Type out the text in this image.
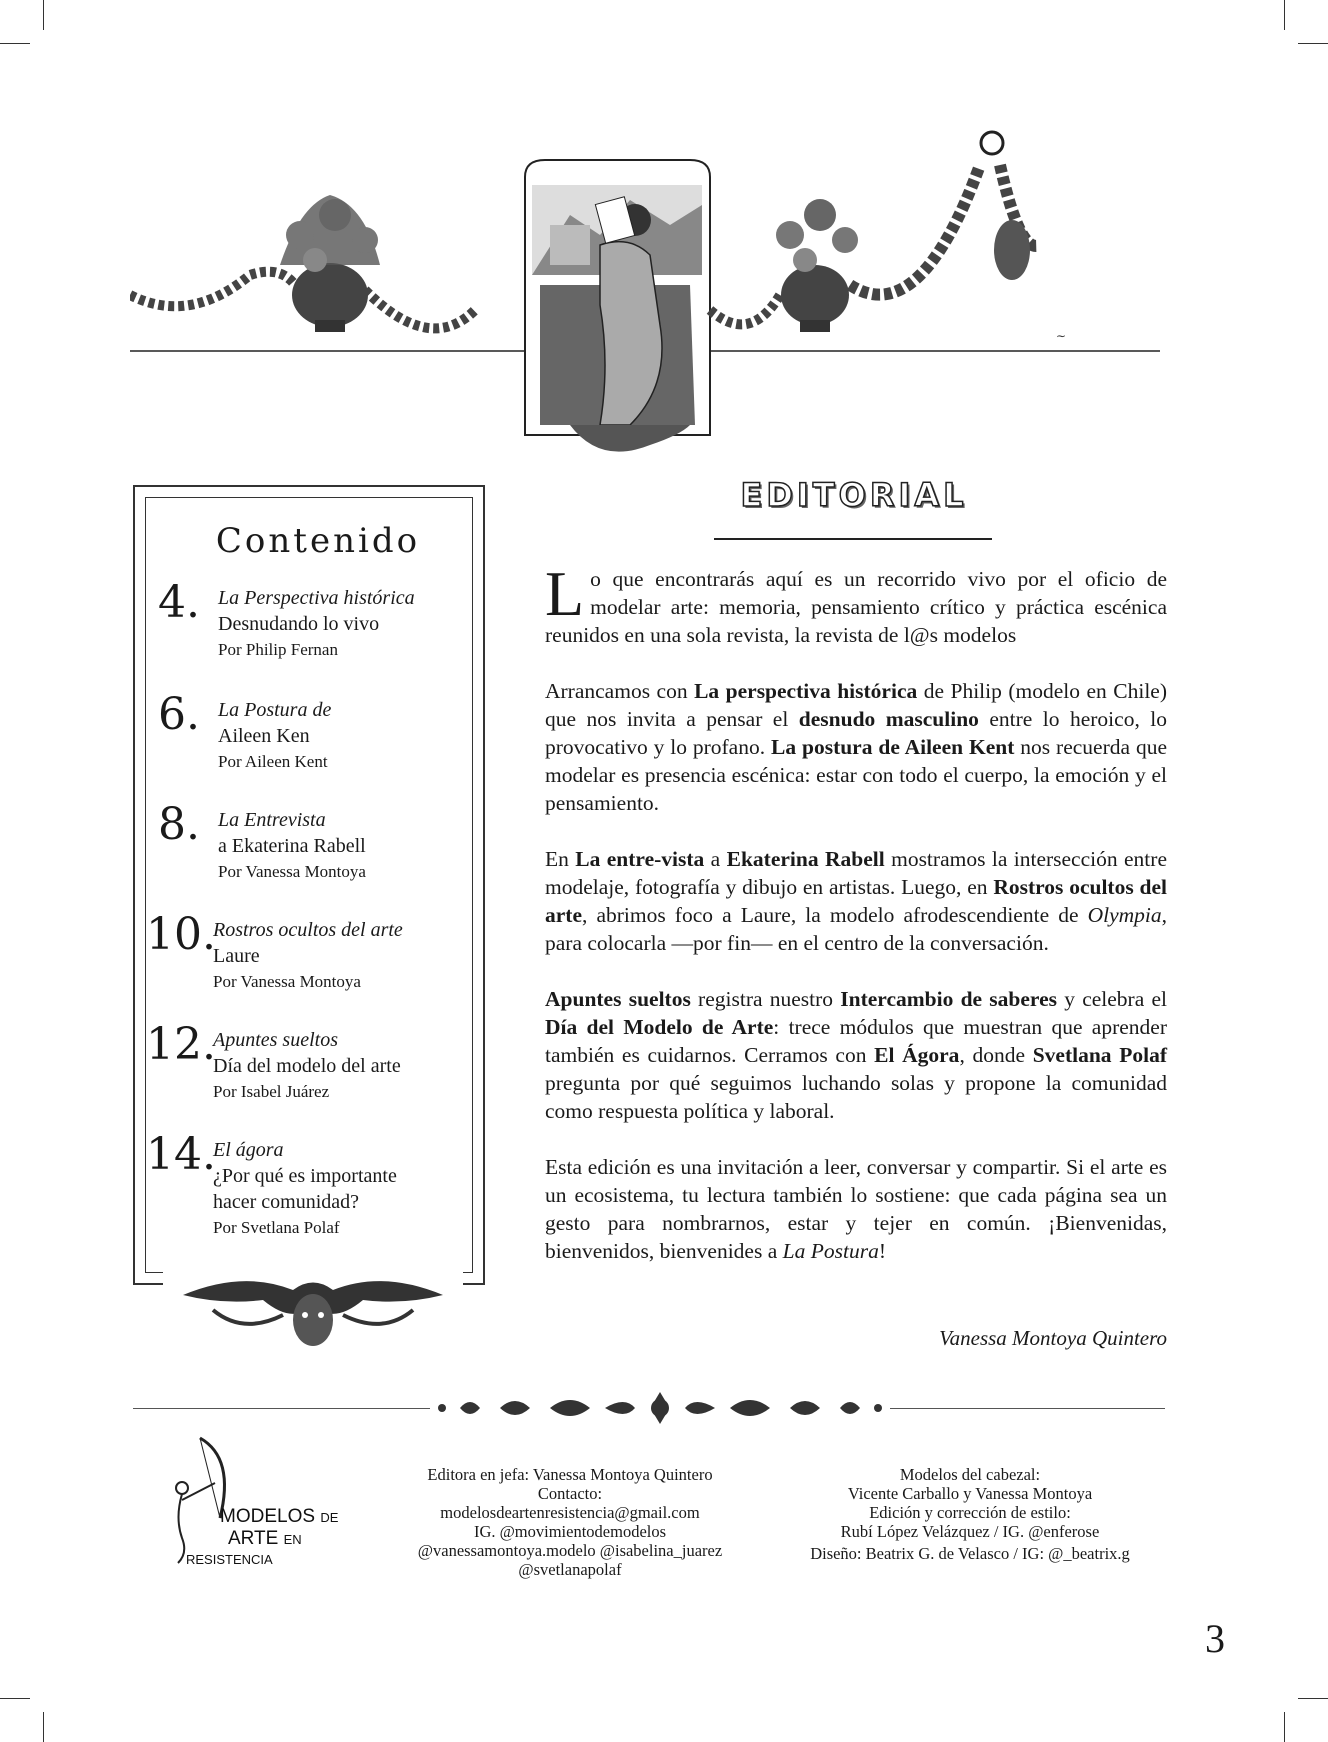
∼
Contenido
4. La Perspectiva histórica
Desnudando lo vivo
Por Philip Fernan
6. La Postura de
Aileen Ken
Por Aileen Kent
8. La Entrevista
a Ekaterina Rabell
Por Vanessa Montoya
10.
Rostros ocultos del arte
Laure
Por Vanessa Montoya
12.
Apuntes sueltos
Día del modelo del arte
Por Isabel Juárez
14.
El ágora
¿Por qué es importante
hacer comunidad?
Por Svetlana Polaf
EDITORIAL

Lo que encontrarás aquí es un recorrido vivo por el oficio de modelar arte: memoria, pensamiento crítico y práctica escénica reunidos en una sola revista, la revista de l@s modelos

Arrancamos con La perspectiva histórica de Philip (modelo en Chile) que nos invita a pensar el desnudo masculino entre lo heroico, lo provocativo y lo profano. La postura de Aileen Kent nos recuerda que modelar es presencia escénica: estar con todo el cuerpo, la emoción y el pensamiento.

En La entre-vista a Ekaterina Rabell mostramos la intersección entre modelaje, fotografía y dibujo en artistas. Luego, en Rostros ocultos del arte, abrimos foco a Laure, la modelo afrodescendiente de Olympia, para colocarla —por fin— en el centro de la conversación.

Apuntes sueltos registra nuestro Intercambio de saberes y celebra el Día del Modelo de Arte: trece módulos que muestran que aprender también es cuidarnos. Cerramos con El Ágora, donde Svetlana Polaf pregunta por qué seguimos luchando solas y propone la comunidad como respuesta política y laboral.

Esta edición es una invitación a leer, conversar y compartir. Si el arte es un ecosistema, tu lectura también lo sostiene: que cada página sea un gesto para nombrarnos, estar y tejer en común. ¡Bienvenidas, bienvenidos, bienvenides a La Postura!

Vanessa Montoya Quintero
MODELOS DE
ARTE EN
RESISTENCIA
Editora en jefa: Vanessa Montoya Quintero
Contacto:
modelosdeartenresistencia@gmail.com
IG. @movimientodemodelos
@vanessamontoya.modelo @isabelina_juarez
@svetlanapolaf
Modelos del cabezal:
Vicente Carballo y Vanessa Montoya
Edición y corrección de estilo:
Rubí López Velázquez / IG. @enferose
Diseño: Beatrix G. de Velasco / IG: @_beatrix.g
3
